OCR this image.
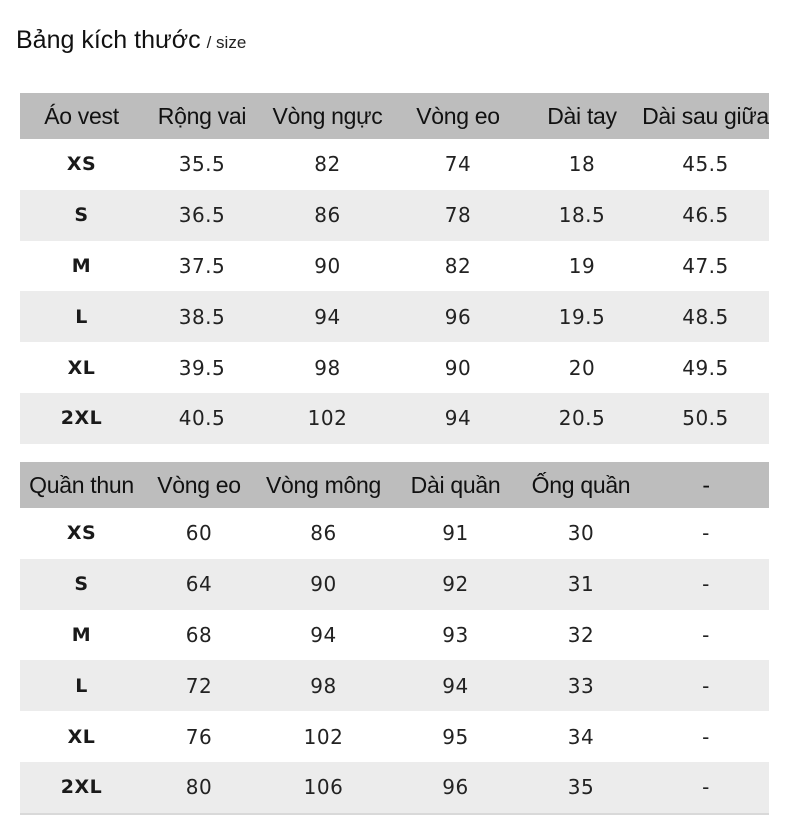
Bảng kích thước / size
Áo vest	Rộng vai	Vòng ngực	Vòng eo	Dài tay	Dài sau giữa
XS	35.5	82	74	18	45.5
S	36.5	86	78	18.5	46.5
M	37.5	90	82	19	47.5
L	38.5	94	96	19.5	48.5
XL	39.5	98	90	20	49.5
2XL	40.5	102	94	20.5	50.5
Quần thun	Vòng eo	Vòng mông	Dài quần	Ống quần	-
XS	60	86	91	30	-
S	64	90	92	31	-
M	68	94	93	32	-
L	72	98	94	33	-
XL	76	102	95	34	-
2XL	80	106	96	35	-
